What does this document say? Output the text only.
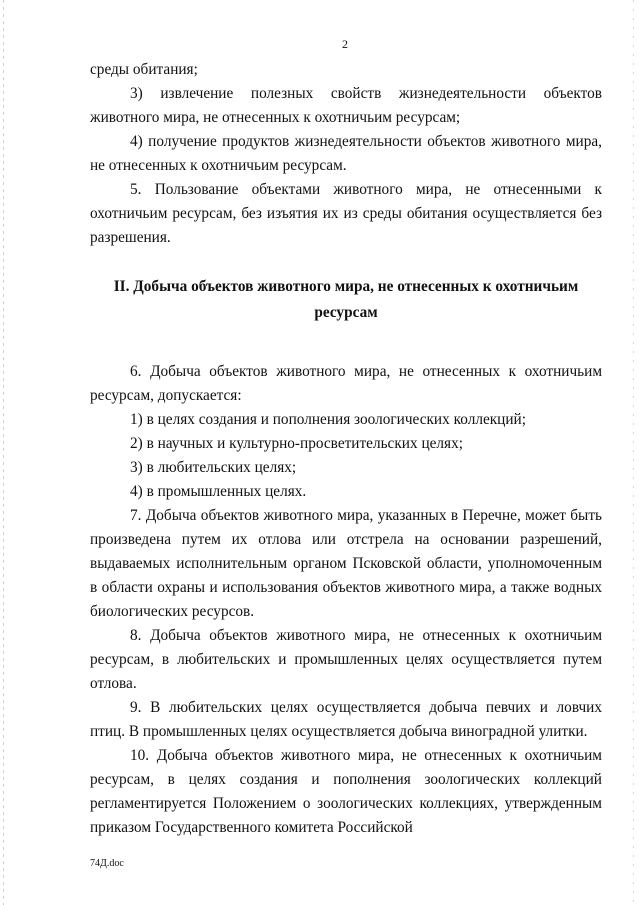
2

среды обитания;

3) извлечение полезных свойств жизнедеятельности объектов животного мира, не отнесенных к охотничьим ресурсам;

4) получение продуктов жизнедеятельности объектов животного мира, не отнесенных к охотничьим ресурсам.

5. Пользование объектами животного мира, не отнесенными к охотничьим ресурсам, без изъятия их из среды обитания осуществляется без разрешения.

II. Добыча объектов животного мира, не отнесенных к охотничьим
ресурсам

6. Добыча объектов животного мира, не отнесенных к охотничьим ресурсам, допускается:

1) в целях создания и пополнения зоологических коллекций;

2) в научных и культурно-просветительских целях;

3) в любительских целях;

4) в промышленных целях.

7. Добыча объектов животного мира, указанных в Перечне, может быть произведена путем их отлова или отстрела на основании разрешений, выдаваемых исполнительным органом Псковской области, уполномоченным в области охраны и использования объектов животного мира, а также водных биологических ресурсов.

8. Добыча объектов животного мира, не отнесенных к охотничьим ресурсам, в любительских и промышленных целях осуществляется путем отлова.

9. В любительских целях осуществляется добыча певчих и ловчих птиц. В промышленных целях осуществляется добыча виноградной улитки.

10. Добыча объектов животного мира, не отнесенных к охотничьим ресурсам, в целях создания и пополнения зоологических коллекций регламентируется Положением о зоологических коллекциях, утвержденным приказом Государственного комитета Российской

74Д.doc
